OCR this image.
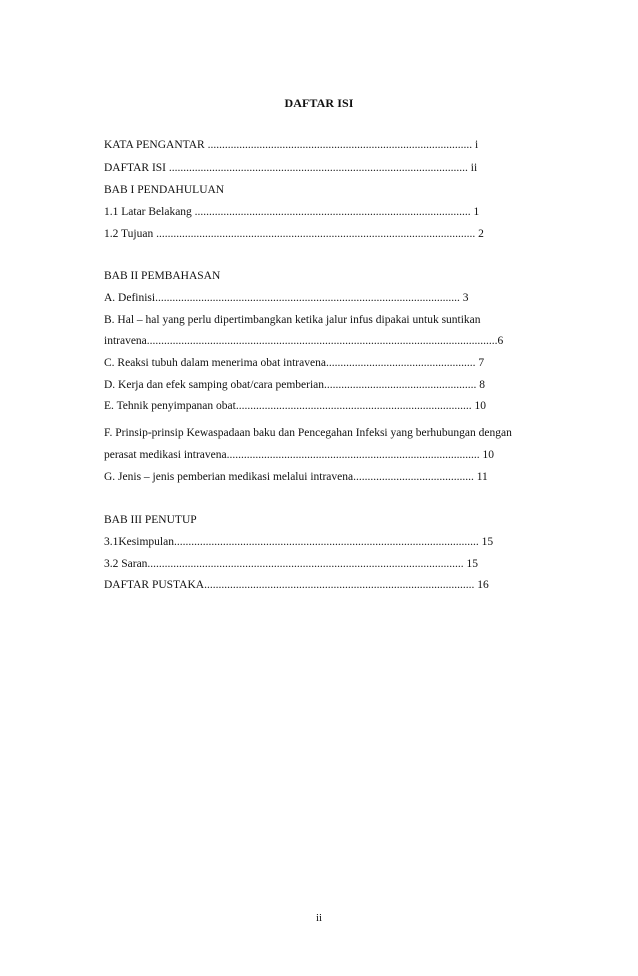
DAFTAR ISI
KATA PENGANTAR ............................................................................................ i
DAFTAR ISI ........................................................................................................ ii
BAB I PENDAHULUAN
1.1 Latar Belakang ................................................................................................ 1
1.2 Tujuan ............................................................................................................... 2
BAB II PEMBAHASAN
A. Definisi.......................................................................................................... 3
B. Hal – hal yang perlu dipertimbangkan ketika jalur infus dipakai untuk suntikan
intravena..........................................................................................................................6
C. Reaksi tubuh dalam menerima obat intravena.................................................... 7
D. Kerja dan efek samping obat/cara pemberian..................................................... 8
E. Tehnik penyimpanan obat.................................................................................. 10
F. Prinsip-prinsip Kewaspadaan baku dan Pencegahan Infeksi yang berhubungan dengan
perasat medikasi intravena........................................................................................ 10
G. Jenis – jenis pemberian medikasi melalui intravena.......................................... 11
BAB III PENUTUP
3.1Kesimpulan.......................................................................................................... 15
3.2 Saran.............................................................................................................. 15
DAFTAR PUSTAKA.............................................................................................. 16
ii
